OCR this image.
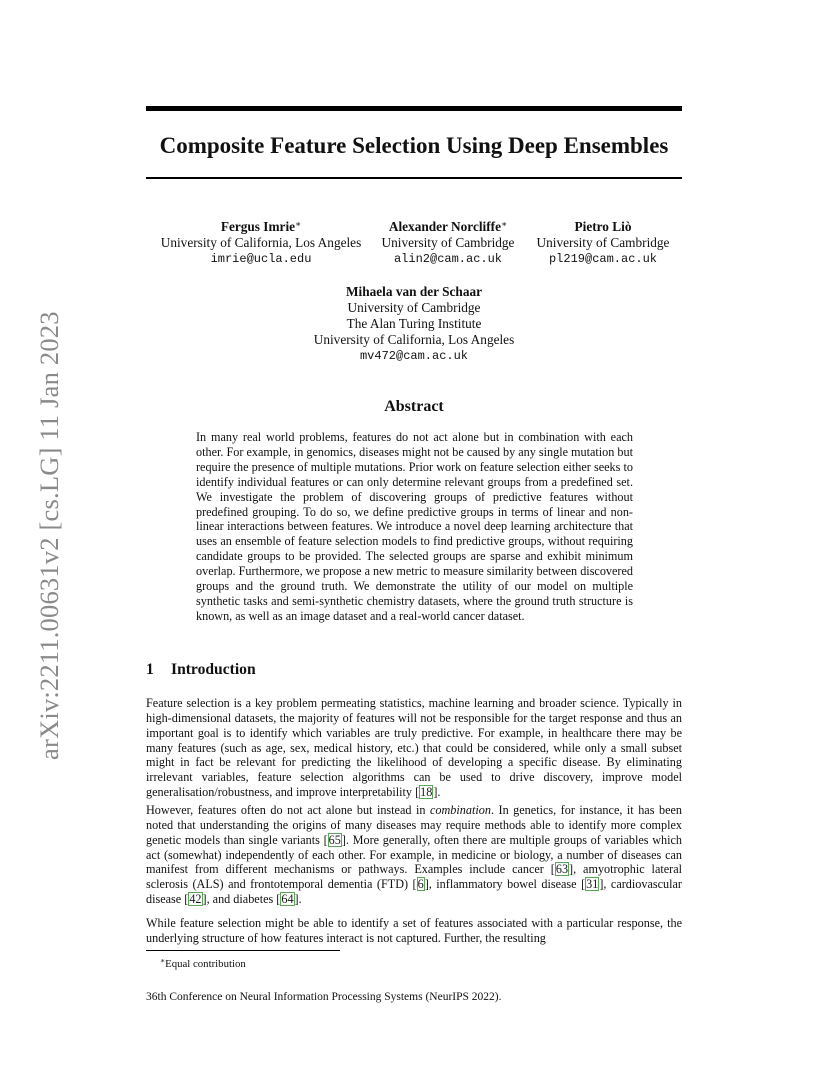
arXiv:2211.00631v2 [cs.LG] 11 Jan 2023
Composite Feature Selection Using Deep Ensembles
Fergus Imrie∗
University of California, Los Angeles
imrie@ucla.edu
Alexander Norcliffe∗
University of Cambridge
alin2@cam.ac.uk
Pietro Liò
University of Cambridge
pl219@cam.ac.uk
Mihaela van der Schaar
University of Cambridge
The Alan Turing Institute
University of California, Los Angeles
mv472@cam.ac.uk
Abstract
In many real world problems, features do not act alone but in combination with each other. For example, in genomics, diseases might not be caused by any single mutation but require the presence of multiple mutations. Prior work on feature selection either seeks to identify individual features or can only determine relevant groups from a predefined set. We investigate the problem of discovering groups of predictive features without predefined grouping. To do so, we define predictive groups in terms of linear and non-linear interactions between features. We introduce a novel deep learning architecture that uses an ensemble of feature selection models to find predictive groups, without requiring candidate groups to be provided. The selected groups are sparse and exhibit minimum overlap. Furthermore, we propose a new metric to measure similarity between discovered groups and the ground truth. We demonstrate the utility of our model on multiple synthetic tasks and semi-synthetic chemistry datasets, where the ground truth structure is known, as well as an image dataset and a real-world cancer dataset.
1 Introduction

Feature selection is a key problem permeating statistics, machine learning and broader science. Typically in high-dimensional datasets, the majority of features will not be responsible for the target response and thus an important goal is to identify which variables are truly predictive. For example, in healthcare there may be many features (such as age, sex, medical history, etc.) that could be considered, while only a small subset might in fact be relevant for predicting the likelihood of developing a specific disease. By eliminating irrelevant variables, feature selection algorithms can be used to drive discovery, improve model generalisation/robustness, and improve interpretability [18].

However, features often do not act alone but instead in combination. In genetics, for instance, it has been noted that understanding the origins of many diseases may require methods able to identify more complex genetic models than single variants [65]. More generally, often there are multiple groups of variables which act (somewhat) independently of each other. For example, in medicine or biology, a number of diseases can manifest from different mechanisms or pathways. Examples include cancer [63], amyotrophic lateral sclerosis (ALS) and frontotemporal dementia (FTD) [6], inflammatory bowel disease [31], cardiovascular disease [42], and diabetes [64].

While feature selection might be able to identify a set of features associated with a particular response, the underlying structure of how features interact is not captured. Further, the resulting

∗Equal contribution
36th Conference on Neural Information Processing Systems (NeurIPS 2022).
